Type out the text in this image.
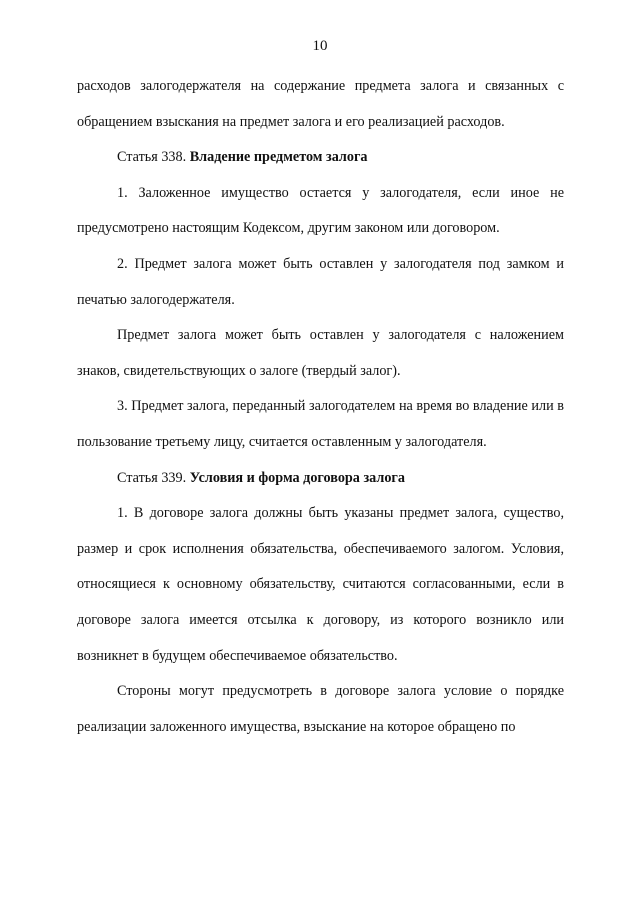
10

расходов залогодержателя на содержание предмета залога и связанных с обращением взыскания на предмет залога и его реализацией расходов.

Статья 338. Владение предметом залога

1. Заложенное имущество остается у залогодателя, если иное не предусмотрено настоящим Кодексом, другим законом или договором.

2. Предмет залога может быть оставлен у залогодателя под замком и печатью залогодержателя.

Предмет залога может быть оставлен у залогодателя с наложением знаков, свидетельствующих о залоге (твердый залог).

3. Предмет залога, переданный залогодателем на время во владение или в пользование третьему лицу, считается оставленным у залогодателя.

Статья 339. Условия и форма договора залога

1. В договоре залога должны быть указаны предмет залога, существо, размер и срок исполнения обязательства, обеспечиваемого залогом. Условия, относящиеся к основному обязательству, считаются согласованными, если в договоре залога имеется отсылка к договору, из которого возникло или возникнет в будущем обеспечиваемое обязательство.

Стороны могут предусмотреть в договоре залога условие о порядке реализации заложенного имущества, взыскание на которое обращено по
